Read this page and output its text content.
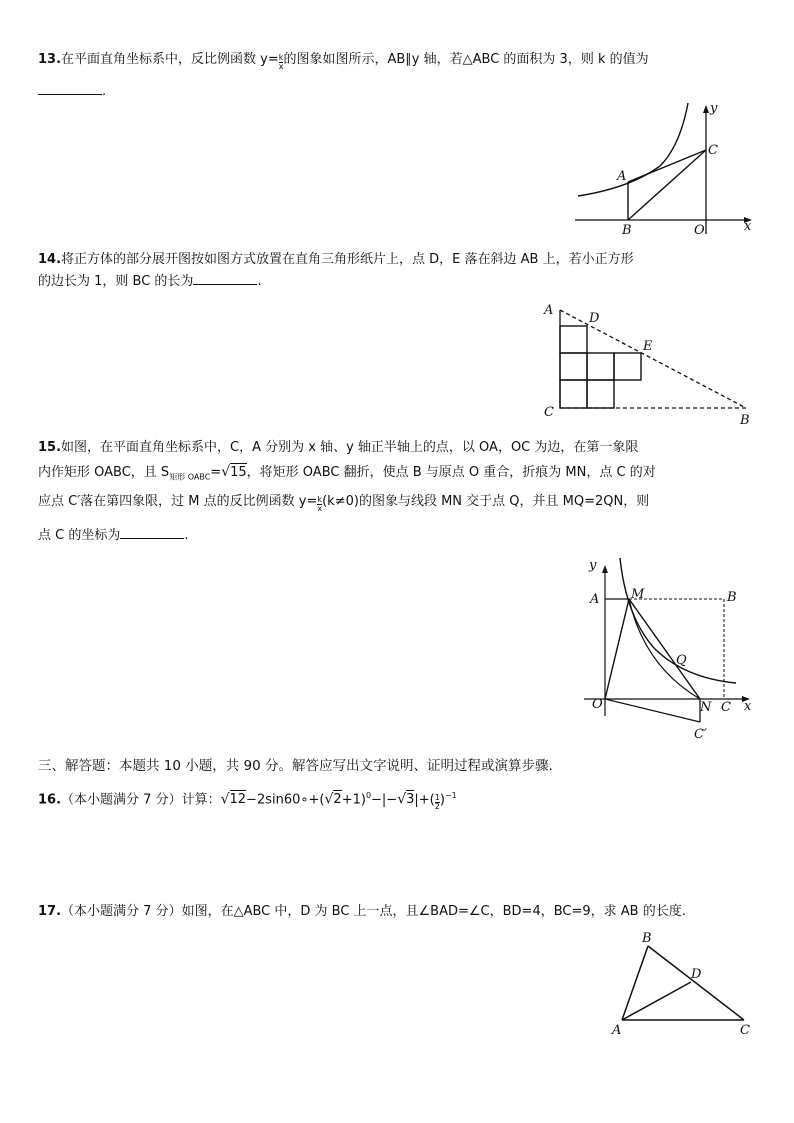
13.在平面直角坐标系中，反比例函数 $y= \frac{k}{x}$ 的图象如图所示，AB∥y 轴，若△ABC 的面积为 3，则 k 的值为
.
y
C
A
B	O	x
14.将正方体的部分展开图按如图方式放置在直角三角形纸片上，点 D，E 落在斜边 AB 上，若小正方形
的边长为 1，则 BC 的长为	.
A
D
E
C
B
15.如图，在平面直角坐标系中，C，A 分别为 x 轴、y 轴正半轴上的点，以 OA，OC 为边，在第一象限
内作矩形 OABC，且 $S_{矩形 OABC}=√15$，将矩形 OABC 翻折，使点 B 与原点 O 重合，折痕为 MN，点 C 的对
应点 C′落在第四象限，过 M 点的反比例函数 $y= \frac{k}{x} (k\ne 0)$的图象与线段 MN 交于点 Q，并且 MQ=2QN，则
点 C 的坐标为	.
y
A M	B
Q
O	N C x
C′
三、解答题：本题共 10 小题，共 90 分。解答应写出文字说明、证明过程或演算步骤.
16.（本小题满分 7 分）计算：$√12-2\sin 60\circ+(√2+1)^0-|-√3|+( \frac{1}{2} )^{-1}$
17.（本小题满分 7 分）如图，在△ABC 中，D 为 BC 上一点，且∠BAD=∠C，BD=4，BC=9，求 AB 的长度.
B
D
A	C
